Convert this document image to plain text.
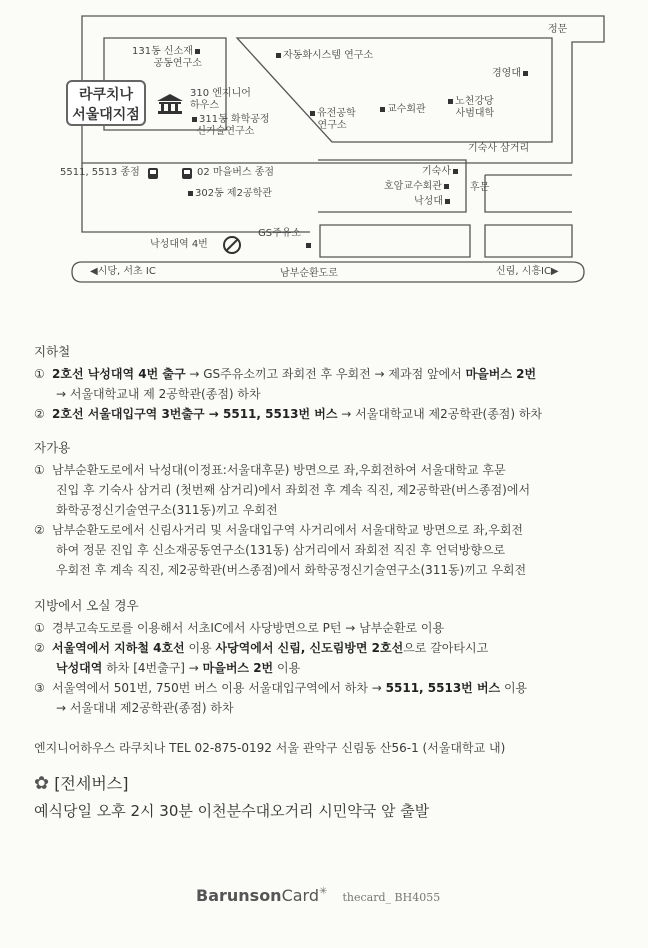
정문
131동 신소재
공동연구소
자동화시스템 연구소
경영대
라쿠치나
서울대지점
310 엔지니어
하우스
311동 화학공정
신기술연구소
유전공학
연구소
교수회관
노천강당
사범대학
기숙사 삼거리
5511, 5513 종점	02 마을버스 종점
302동 제2공학관
기숙사
호암교수회관
낙성대
후문
GS주유소

낙성대역 4번
◀시당, 서초 IC	남부순환도로	신림, 시흥IC▶
지하철
① 2호선 낙성대역 4번 출구 → GS주유소끼고 좌회전 후 우회전 → 제과점 앞에서 마을버스 2번
→ 서울대학교내 제 2공학관(종점) 하차
② 2호선 서울대입구역 3번출구 → 5511, 5513번 버스 → 서울대학교내 제2공학관(종점) 하차
자가용
① 남부순환도로에서 낙성대(이정표:서울대후문) 방면으로 좌,우회전하여 서울대학교 후문
진입 후 기숙사 삼거리 (첫번째 삼거리)에서 좌회전 후 계속 직진, 제2공학관(버스종점)에서
화학공정신기술연구소(311동)끼고 우회전
② 남부순환도로에서 신림사거리 및 서울대입구역 사거리에서 서울대학교 방면으로 좌,우회전
하여 정문 진입 후 신소재공동연구소(131동) 삼거리에서 좌회전 직진 후 언덕방향으로
우회전 후 계속 직진, 제2공학관(버스종점)에서 화학공정신기술연구소(311동)끼고 우회전
지방에서 오실 경우
① 경부고속도로를 이용해서 서초IC에서 사당방면으로 P턴 → 남부순환로 이용
② 서울역에서 지하철 4호선 이용 사당역에서 신림, 신도림방면 2호선으로 갈아타시고
낙성대역 하차 [4번출구] → 마을버스 2번 이용
③ 서울역에서 501번, 750번 버스 이용 서울대입구역에서 하차 → 5511, 5513번 버스 이용
→ 서울대내 제2공학관(종점) 하차
엔지니어하우스 라쿠치나 TEL 02-875-0192 서울 관악구 신림동 산56-1 (서울대학교 내)
✿ [전세버스]
예식당일 오후 2시 30분 이천분수대오거리 시민약국 앞 출발
BarunsonCard✳ thecard_ BH4055
